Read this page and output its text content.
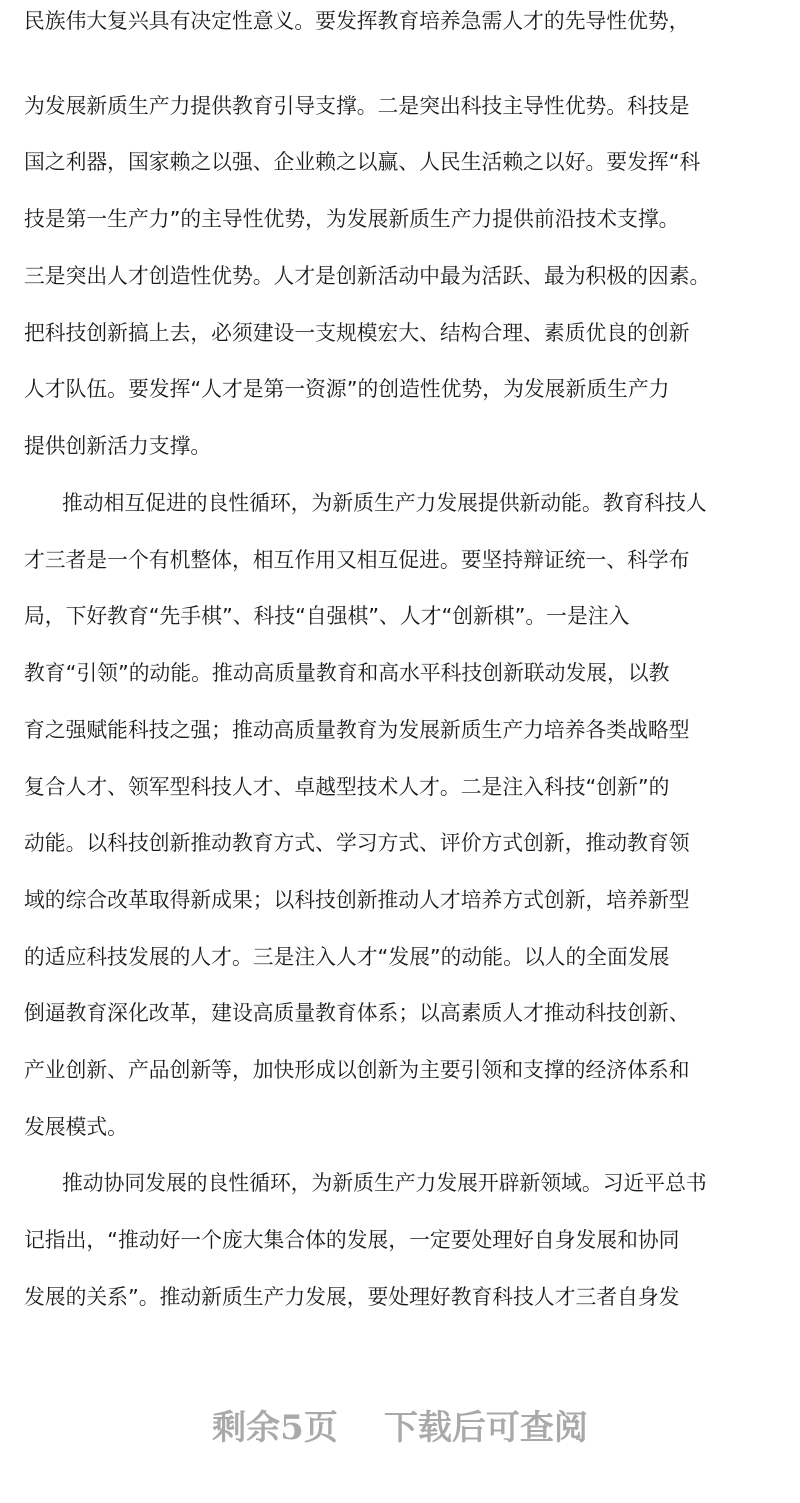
民族伟大复兴具有决定性意义。要发挥教育培养急需人才的先导性优势，
为发展新质生产力提供教育引导支撑。二是突出科技主导性优势。科技是
国之利器，国家赖之以强、企业赖之以赢、人民生活赖之以好。要发挥“科
技是第一生产力”的主导性优势，为发展新质生产力提供前沿技术支撑。
三是突出人才创造性优势。人才是创新活动中最为活跃、最为积极的因素。
把科技创新搞上去，必须建设一支规模宏大、结构合理、素质优良的创新
人才队伍。要发挥“人才是第一资源”的创造性优势，为发展新质生产力
提供创新活力支撑。
推动相互促进的良性循环，为新质生产力发展提供新动能。教育科技人
才三者是一个有机整体，相互作用又相互促进。要坚持辩证统一、科学布
局，下好教育“先手棋”、科技“自强棋”、人才“创新棋”。一是注入
教育“引领”的动能。推动高质量教育和高水平科技创新联动发展，以教
育之强赋能科技之强；推动高质量教育为发展新质生产力培养各类战略型
复合人才、领军型科技人才、卓越型技术人才。二是注入科技“创新”的
动能。以科技创新推动教育方式、学习方式、评价方式创新，推动教育领
域的综合改革取得新成果；以科技创新推动人才培养方式创新，培养新型
的适应科技发展的人才。三是注入人才“发展”的动能。以人的全面发展
倒逼教育深化改革，建设高质量教育体系；以高素质人才推动科技创新、
产业创新、产品创新等，加快形成以创新为主要引领和支撑的经济体系和
发展模式。
推动协同发展的良性循环，为新质生产力发展开辟新领域。习近平总书
记指出，“推动好一个庞大集合体的发展，一定要处理好自身发展和协同
发展的关系”。推动新质生产力发展，要处理好教育科技人才三者自身发
剩余5页 下载后可查阅
